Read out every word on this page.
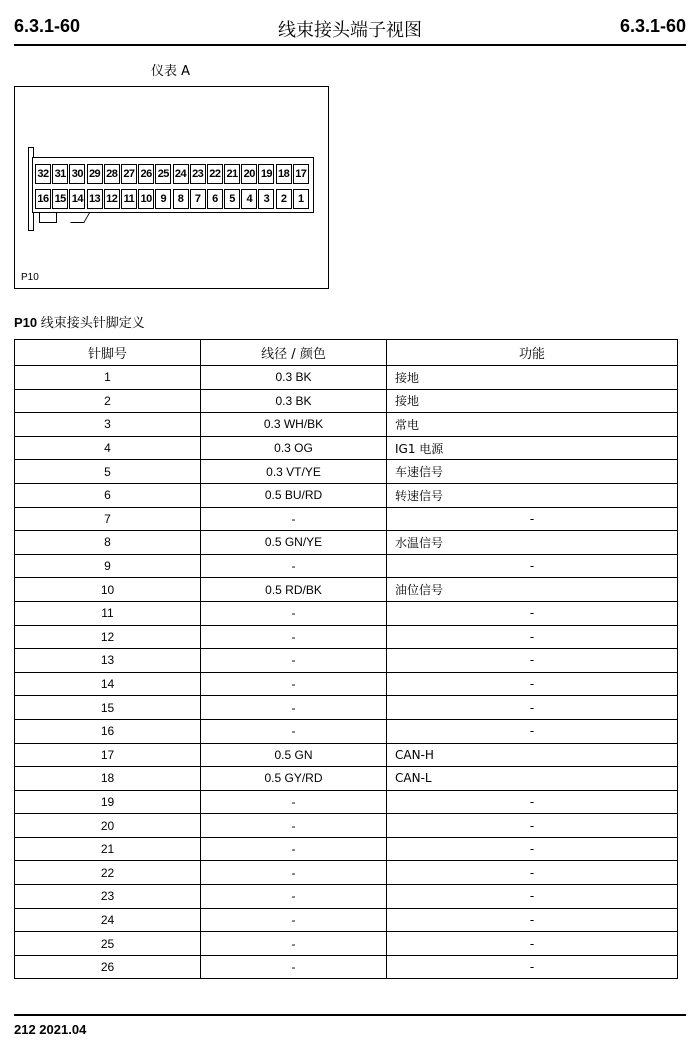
6.3.1-60	线束接头端子视图	6.3.1-60
仪表 A
32 31 30 29 28 27 26 25 24 23 22 21 20 19 18 17
16 15 14 13 12 11 10 9	8	7	6	5	4	3	2	1
P10
P10 线束接头针脚定义
针脚号	线径 / 颜色	功能
1	0.3 BK	接地
2	0.3 BK	接地
3	0.3 WH/BK	常电
4	0.3 OG	IG1 电源
5	0.3 VT/YE	车速信号
6	0.5 BU/RD	转速信号
7	-	-
8	0.5 GN/YE	水温信号
9	-	-
10	0.5 RD/BK	油位信号
11	-	-
12	-	-
13	-	-
14	-	-
15	-	-
16	-	-
17	0.5 GN	CAN-H
18	0.5 GY/RD	CAN-L
19	-	-
20	-	-
21	-	-
22	-	-
23	-	-
24	-	-
25	-	-
26	-	-
212 2021.04
